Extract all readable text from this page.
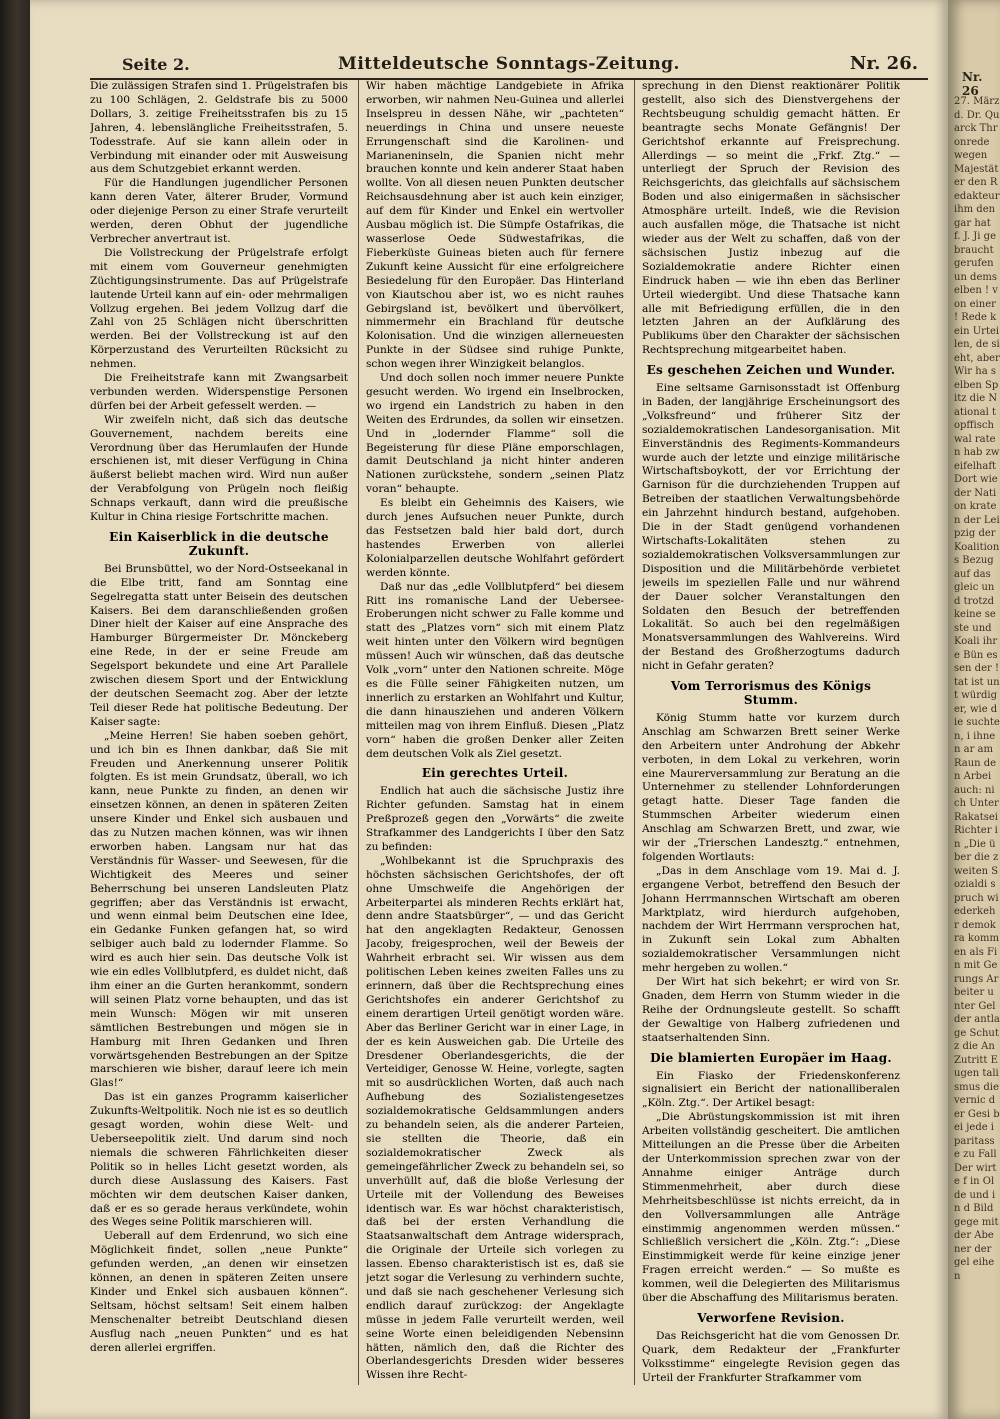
Seite 2.	Mitteldeutsche Sonntags-Zeitung.	Nr. 26.

Die zulässigen Strafen sind 1. Prügelstrafen bis zu 100 Schlägen, 2. Geldstrafe bis zu 5000 Dollars, 3. zeitige Freiheitsstrafen bis zu 15 Jahren, 4. lebenslängliche Freiheitsstrafen, 5. Todesstrafe. Auf sie kann allein oder in Verbindung mit einander oder mit Ausweisung aus dem Schutzgebiet erkannt werden.

Für die Handlungen jugendlicher Personen kann deren Vater, älterer Bruder, Vormund oder diejenige Person zu einer Strafe verurteilt werden, deren Obhut der jugendliche Verbrecher anvertraut ist.

Die Vollstreckung der Prügelstrafe erfolgt mit einem vom Gouverneur genehmigten Züchtigungsinstrumente. Das auf Prügelstrafe lautende Urteil kann auf ein- oder mehrmaligen Vollzug ergehen. Bei jedem Vollzug darf die Zahl von 25 Schlägen nicht überschritten werden. Bei der Vollstreckung ist auf den Körperzustand des Verurteilten Rücksicht zu nehmen.

Die Freiheitstrafe kann mit Zwangsarbeit verbunden werden. Widerspenstige Personen dürfen bei der Arbeit gefesselt werden. —

Wir zweifeln nicht, daß sich das deutsche Gouvernement, nachdem bereits eine Verordnung über das Herumlaufen der Hunde erschienen ist, mit dieser Verfügung in China äußerst beliebt machen wird. Wird nun außer der Verabfolgung von Prügeln noch fleißig Schnaps verkauft, dann wird die preußische Kultur in China riesige Fortschritte machen.

Ein Kaiserblick in die deutsche Zukunft.

Bei Brunsbüttel, wo der Nord-Ostseekanal in die Elbe tritt, fand am Sonntag eine Segelregatta statt unter Beisein des deutschen Kaisers. Bei dem daranschließenden großen Diner hielt der Kaiser auf eine Ansprache des Hamburger Bürgermeister Dr. Mönckeberg eine Rede, in der er seine Freude am Segelsport bekundete und eine Art Parallele zwischen diesem Sport und der Entwicklung der deutschen Seemacht zog. Aber der letzte Teil dieser Rede hat politische Bedeutung. Der Kaiser sagte:

„Meine Herren! Sie haben soeben gehört, und ich bin es Ihnen dankbar, daß Sie mit Freuden und Anerkennung unserer Politik folgten. Es ist mein Grundsatz, überall, wo ich kann, neue Punkte zu finden, an denen wir einsetzen können, an denen in späteren Zeiten unsere Kinder und Enkel sich ausbauen und das zu Nutzen machen können, was wir ihnen erworben haben. Langsam nur hat das Verständnis für Wasser- und Seewesen, für die Wichtigkeit des Meeres und seiner Beherrschung bei unseren Landsleuten Platz gegriffen; aber das Verständnis ist erwacht, und wenn einmal beim Deutschen eine Idee, ein Gedanke Funken gefangen hat, so wird selbiger auch bald zu lodernder Flamme. So wird es auch hier sein. Das deutsche Volk ist wie ein edles Vollblutpferd, es duldet nicht, daß ihm einer an die Gurten herankommt, sondern will seinen Platz vorne behaupten, und das ist mein Wunsch: Mögen wir mit unseren sämtlichen Bestrebungen und mögen sie in Hamburg mit Ihren Gedanken und Ihren vorwärtsgehenden Bestrebungen an der Spitze marschieren wie bisher, darauf leere ich mein Glas!“

Das ist ein ganzes Programm kaiserlicher Zukunfts-Weltpolitik. Noch nie ist es so deutlich gesagt worden, wohin diese Welt- und Ueberseepolitik zielt. Und darum sind noch niemals die schweren Fährlichkeiten dieser Politik so in helles Licht gesetzt worden, als durch diese Auslassung des Kaisers. Fast möchten wir dem deutschen Kaiser danken, daß er es so gerade heraus verkündete, wohin des Weges seine Politik marschieren will.

Ueberall auf dem Erdenrund, wo sich eine Möglichkeit findet, sollen „neue Punkte“ gefunden werden, „an denen wir einsetzen können, an denen in späteren Zeiten unsere Kinder und Enkel sich ausbauen können“. Seltsam, höchst seltsam! Seit einem halben Menschenalter betreibt Deutschland diesen Ausflug nach „neuen Punkten“ und es hat deren allerlei ergriffen.

Wir haben mächtige Landgebiete in Afrika erworben, wir nahmen Neu-Guinea und allerlei Inselspreu in dessen Nähe, wir „pachteten“ neuerdings in China und unsere neueste Errungenschaft sind die Karolinen- und Marianeninseln, die Spanien nicht mehr brauchen konnte und kein anderer Staat haben wollte. Von all diesen neuen Punkten deutscher Reichsausdehnung aber ist auch kein einziger, auf dem für Kinder und Enkel ein wertvoller Ausbau möglich ist. Die Sümpfe Ostafrikas, die wasserlose Oede Südwestafrikas, die Fieberküste Guineas bieten auch für fernere Zukunft keine Aussicht für eine erfolgreichere Besiedelung für den Europäer. Das Hinterland von Kiautschou aber ist, wo es nicht rauhes Gebirgsland ist, bevölkert und übervölkert, nimmermehr ein Brachland für deutsche Kolonisation. Und die winzigen allerneuesten Punkte in der Südsee sind ruhige Punkte, schon wegen ihrer Winzigkeit belanglos.

Und doch sollen noch immer neuere Punkte gesucht werden. Wo irgend ein Inselbrocken, wo irgend ein Landstrich zu haben in den Weiten des Erdrundes, da sollen wir einsetzen. Und in „lodernder Flamme“ soll die Begeisterung für diese Pläne emporschlagen, damit Deutschland ja nicht hinter anderen Nationen zurückstehe, sondern „seinen Platz voran“ behaupte.

Es bleibt ein Geheimnis des Kaisers, wie durch jenes Aufsuchen neuer Punkte, durch das Festsetzen bald hier bald dort, durch hastendes Erwerben von allerlei Kolonialparzellen deutsche Wohlfahrt gefördert werden könnte.

Daß nur das „edle Vollblutpferd“ bei diesem Ritt ins romanische Land der Ueberseе-Eroberungen nicht schwer zu Falle komme und statt des „Platzes vorn“ sich mit einem Platz weit hinten unter den Völkern wird begnügen müssen! Auch wir wünschen, daß das deutsche Volk „vorn“ unter den Nationen schreite. Möge es die Fülle seiner Fähigkeiten nutzen, um innerlich zu erstarken an Wohlfahrt und Kultur, die dann hinausziehen und anderen Völkern mitteilen mag von ihrem Einfluß. Diesen „Platz vorn“ haben die großen Denker aller Zeiten dem deutschen Volk als Ziel gesetzt.

Ein gerechtes Urteil.

Endlich hat auch die sächsische Justiz ihre Richter gefunden. Samstag hat in einem Preßprozeß gegen den „Vorwärts“ die zweite Strafkammer des Landgerichts I über den Satz zu befinden:

„Wohlbekannt ist die Spruchpraxis des höchsten sächsischen Gerichtshofes, der oft ohne Umschweife die Angehörigen der Arbeiterpartei als minderen Rechts erklärt hat, denn andre Staatsbürger“, — und das Gericht hat den angeklagten Redakteur, Genossen Jacoby, freigesprochen, weil der Beweis der Wahrheit erbracht sei. Wir wissen aus dem politischen Leben keines zweiten Falles uns zu erinnern, daß über die Rechtsprechung eines Gerichtshofes ein anderer Gerichtshof zu einem derartigen Urteil genötigt worden wäre. Aber das Berliner Gericht war in einer Lage, in der es kein Ausweichen gab. Die Urteile des Dresdener Oberlandesgerichts, die der Verteidiger, Genosse W. Heine, vorlegte, sagten mit so ausdrücklichen Worten, daß auch nach Aufhebung des Sozialistengesetzes sozialdemokratische Geldsammlungen anders zu behandeln seien, als die anderer Parteien, sie stellten die Theorie, daß ein sozialdemokratischer Zweck als gemeingefährlicher Zweck zu behandeln sei, so unverhüllt auf, daß die bloße Verlesung der Urteile mit der Vollendung des Beweises identisch war. Es war höchst charakteristisch, daß bei der ersten Verhandlung die Staatsanwaltschaft dem Antrage widersprach, die Originale der Urteile sich vorlegen zu lassen. Ebenso charakteristisch ist es, daß sie jetzt sogar die Verlesung zu verhindern suchte, und daß sie nach geschehener Verlesung sich endlich darauf zurückzog: der Angeklagte müsse in jedem Falle verurteilt werden, weil seine Worte einen beleidigenden Nebensinn hätten, nämlich den, daß die Richter des Oberlandesgerichts Dresden wider besseres Wissen ihre Recht-

sprechung in den Dienst reaktionärer Politik gestellt, also sich des Dienstvergehens der Rechtsbeugung schuldig gemacht hätten. Er beantragte sechs Monate Gefängnis! Der Gerichtshof erkannte auf Freisprechung. Allerdings — so meint die „Frkf. Ztg.“ — unterliegt der Spruch der Revision des Reichsgerichts, das gleichfalls auf sächsischem Boden und also einigermaßen in sächsischer Atmosphäre urteilt. Indeß, wie die Revision auch ausfallen möge, die Thatsache ist nicht wieder aus der Welt zu schaffen, daß von der sächsischen Justiz inbezug auf die Sozialdemokratie andere Richter einen Eindruck haben — wie ihn eben das Berliner Urteil wiedergibt. Und diese Thatsache kann alle mit Befriedigung erfüllen, die in den letzten Jahren an der Aufklärung des Publikums über den Charakter der sächsischen Rechtsprechung mitgearbeitet haben.

Es geschehen Zeichen und Wunder.

Eine seltsame Garnisonsstadt ist Offenburg in Baden, der langjährige Erscheinungsort des „Volksfreund“ und früherer Sitz der sozialdemokratischen Landesorganisation. Mit Einverständnis des Regiments-Kommandeurs wurde auch der letzte und einzige militärische Wirtschaftsboykott, der vor Errichtung der Garnison für die durchziehenden Truppen auf Betreiben der staatlichen Verwaltungsbehörde ein Jahrzehnt hindurch bestand, aufgehoben. Die in der Stadt genügend vorhandenen Wirtschafts-Lokalitäten stehen zu sozialdemokratischen Volksversammlungen zur Disposition und die Militärbehörde verbietet jeweils im speziellen Falle und nur während der Dauer solcher Veranstaltungen den Soldaten den Besuch der betreffenden Lokalität. So auch bei den regelmäßigen Monatsversammlungen des Wahlvereins. Wird der Bestand des Großherzogtums dadurch nicht in Gefahr geraten?

Vom Terrorismus des Königs Stumm.

König Stumm hatte vor kurzem durch Anschlag am Schwarzen Brett seiner Werke den Arbeitern unter Androhung der Abkehr verboten, in dem Lokal zu verkehren, worin eine Maurerversammlung zur Beratung an die Unternehmer zu stellender Lohnforderungen getagt hatte. Dieser Tage fanden die Stummschen Arbeiter wiederum einen Anschlag am Schwarzen Brett, und zwar, wie wir der „Trierschen Landesztg.“ entnehmen, folgenden Wortlauts:

„Das in dem Anschlage vom 19. Mai d. J. ergangene Verbot, betreffend den Besuch der Johann Herrmannschen Wirtschaft am oberen Marktplatz, wird hierdurch aufgehoben, nachdem der Wirt Herrmann versprochen hat, in Zukunft sein Lokal zum Abhalten sozialdemokratischer Versammlungen nicht mehr hergeben zu wollen.“

Der Wirt hat sich bekehrt; er wird von Sr. Gnaden, dem Herrn von Stumm wieder in die Reihe der Ordnungsleute gestellt. So schafft der Gewaltige von Halberg zufriedenen und staatserhaltenden Sinn.

Die blamierten Europäer im Haag.

Ein Fiasko der Friedenskonferenz signalisiert ein Bericht der nationalliberalen „Köln. Ztg.“. Der Artikel besagt:

„Die Abrüstungskommission ist mit ihren Arbeiten vollständig gescheitert. Die amtlichen Mitteilungen an die Presse über die Arbeiten der Unterkommission sprechen zwar von der Annahme einiger Anträge durch Stimmenmehrheit, aber durch diese Mehrheitsbeschlüsse ist nichts erreicht, da in den Vollversammlungen alle Anträge einstimmig angenommen werden müssen.“ Schließlich versichert die „Köln. Ztg.“: „Diese Einstimmigkeit werde für keine einzige jener Fragen erreicht werden.“ — So mußte es kommen, weil die Delegierten des Militarismus über die Abschaffung des Militarismus beraten.

Verworfene Revision.

Das Reichsgericht hat die vom Genossen Dr. Quark, dem Redakteur der „Frankfurter Volksstimme“ eingelegte Revision gegen das Urteil der Frankfurter Strafkammer vom

Nr. 26
27. März d. Dr. Quarck Thronrede wegen Majestät er den Redakteur ihm den gar hat f. J. Ji gebraucht gerufen un demselben ! von einer ! Rede kein Urteilen, de sieht, aber Wir ha selben Spitz die National topffischwal raten hab zweifelhaft Dort wie der Nation kraten der Leipzig der Koalitions Bezug auf das gleic und trotzd keine seste und Koali ihre Bün essen der ! tat ist unt würdiger, wie die suchten, i ihnen ar am Raun den Arbei auch: nich Unter Rakatsei Richter in „Die über die zweiten Sozialdi spruch wiederkehr demokra kommen als Fin mit Ge rungs Arbeiter unter Gelder antlage Schutz die An Zutritt Eugen talismus die vernic der Gesi bei jede iparitasse zu Fall Der wirte f in Olde und in d Bild gege mit der Abener der gel eihen
